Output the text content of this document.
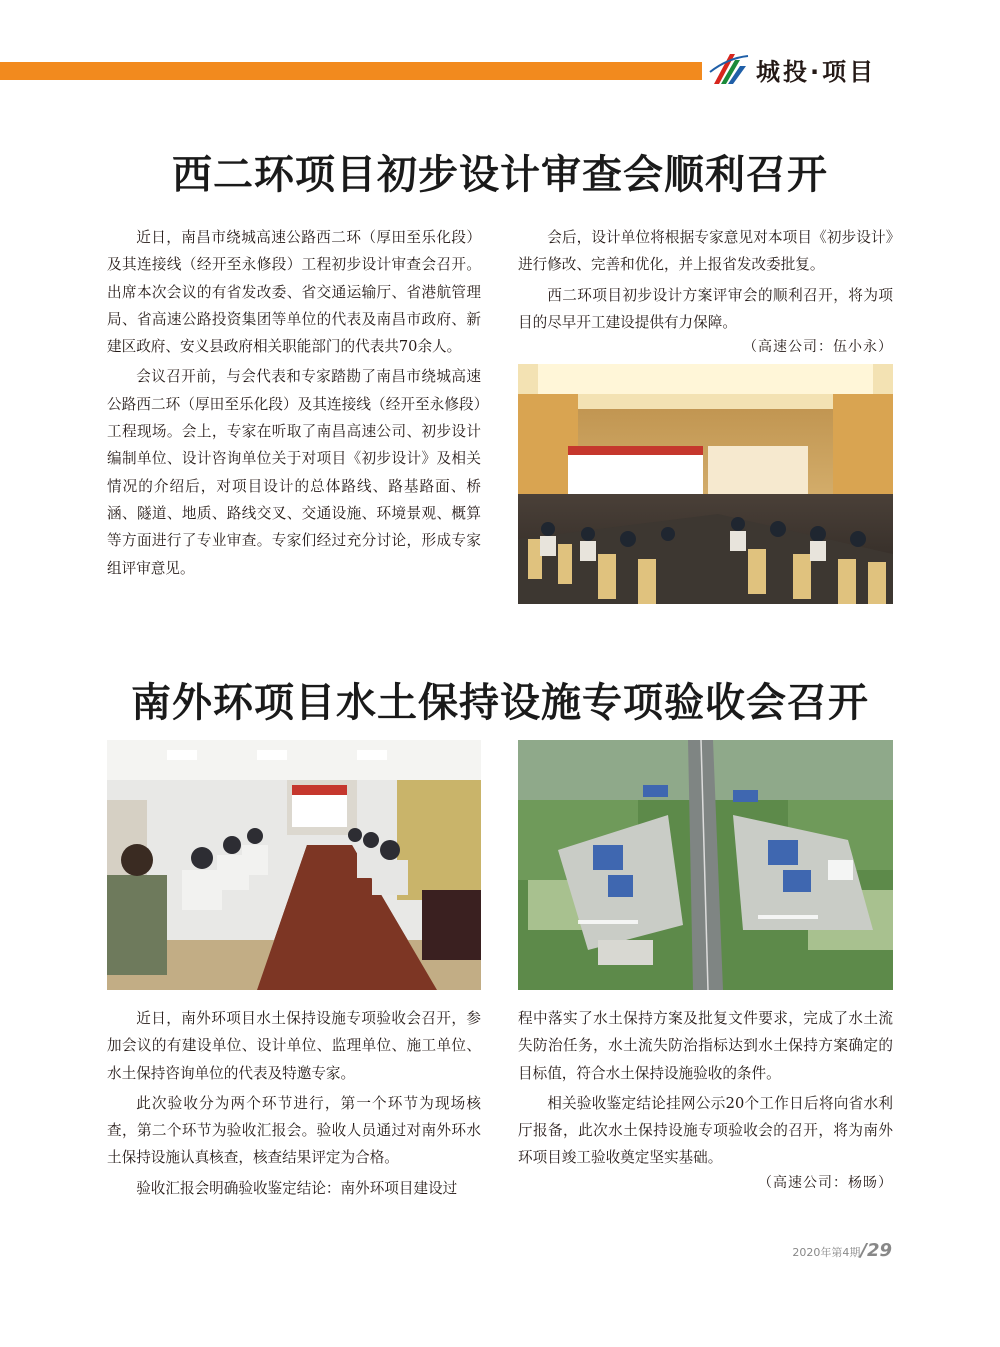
城投·项目
西二环项目初步设计审查会顺利召开

近日，南昌市绕城高速公路西二环（厚田至乐化段）及其连接线（经开至永修段）工程初步设计审查会召开。出席本次会议的有省发改委、省交通运输厅、省港航管理局、省高速公路投资集团等单位的代表及南昌市政府、新建区政府、安义县政府相关职能部门的代表共70余人。

会议召开前，与会代表和专家踏勘了南昌市绕城高速公路西二环（厚田至乐化段）及其连接线（经开至永修段）工程现场。会上，专家在听取了南昌高速公司、初步设计编制单位、设计咨询单位关于对项目《初步设计》及相关情况的介绍后，对项目设计的总体路线、路基路面、桥涵、隧道、地质、路线交叉、交通设施、环境景观、概算等方面进行了专业审查。专家们经过充分讨论，形成专家组评审意见。

会后，设计单位将根据专家意见对本项目《初步设计》进行修改、完善和优化，并上报省发改委批复。

西二环项目初步设计方案评审会的顺利召开，将为项目的尽早开工建设提供有力保障。

（高速公司：伍小永）
南外环项目水土保持设施专项验收会召开

近日，南外环项目水土保持设施专项验收会召开，参加会议的有建设单位、设计单位、监理单位、施工单位、水土保持咨询单位的代表及特邀专家。

此次验收分为两个环节进行，第一个环节为现场核查，第二个环节为验收汇报会。验收人员通过对南外环水土保持设施认真核查，核查结果评定为合格。

验收汇报会明确验收鉴定结论：南外环项目建设过

程中落实了水土保持方案及批复文件要求，完成了水土流失防治任务，水土流失防治指标达到水土保持方案确定的目标值，符合水土保持设施验收的条件。

相关验收鉴定结论挂网公示20个工作日后将向省水利厅报备，此次水土保持设施专项验收会的召开，将为南外环项目竣工验收奠定坚实基础。

（高速公司：杨旸）
2020年第4期/29
